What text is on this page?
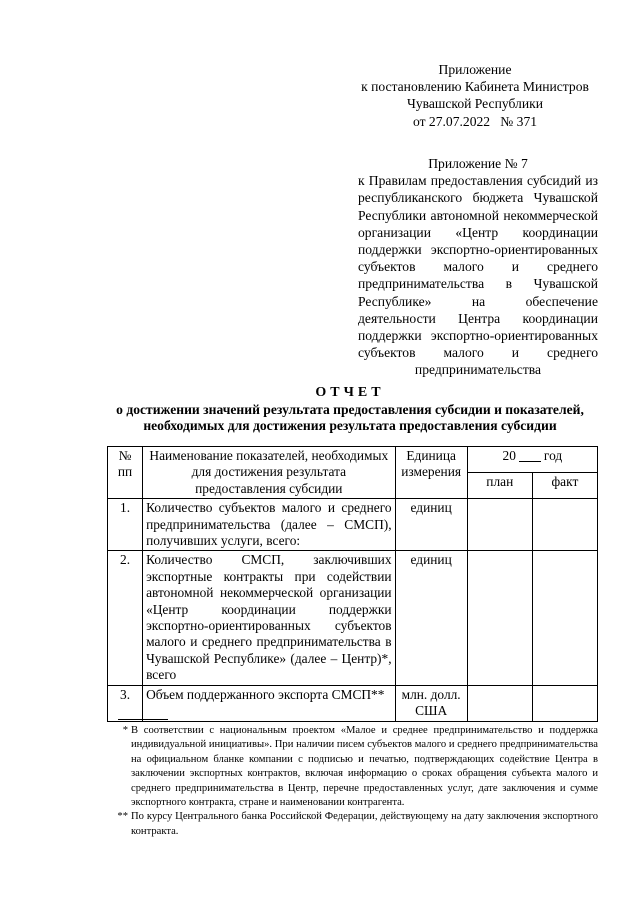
Приложение
к постановлению Кабинета Министров
Чувашской Республики
от 27.07.2022   № 371
Приложение № 7
к Правилам предоставления субсидий из республиканского бюджета Чувашской Республики автономной некоммерческой организации «Центр координации поддержки экспортно-ориентированных субъектов малого и среднего предпринимательства в Чувашской Республике» на обеспечение деятельности Центра координации поддержки экспортно-ориентированных субъектов малого и среднего предпринимательства
ОТЧЕТ
о достижении значений результата предоставления субсидии и показателей,
необходимых для достижения результата предоставления субсидии
№ пп	Наименование показателей, необходимых для достижения результата предоставления субсидии	Единица измерения	20 год	
			план	факт
1.	Количество субъектов малого и среднего предпринимательства (далее – СМСП), получивших услуги, всего:	единиц		
2.	Количество СМСП, заключивших экспортные контракты при содействии автономной некоммерческой организации «Центр координации поддержки экспортно-ориентированных субъектов малого и среднего предпринимательства в Чувашской Республике» (далее – Центр)*, всего	единиц		
3.	Объем поддержанного экспорта СМСП**	млн. долл. США		
* В соответствии с национальным проектом «Малое и среднее предпринимательство и поддержка индивидуальной инициативы». При наличии писем субъектов малого и среднего предпринимательства на официальном бланке компании с подписью и печатью, подтверждающих содействие Центра в заключении экспортных контрактов, включая информацию о сроках обращения субъекта малого и среднего предпринимательства в Центр, перечне предоставленных услуг, дате заключения и сумме экспортного контракта, стране и наименовании контрагента.
** По курсу Центрального банка Российской Федерации, действующему на дату заключения экспортного контракта.
